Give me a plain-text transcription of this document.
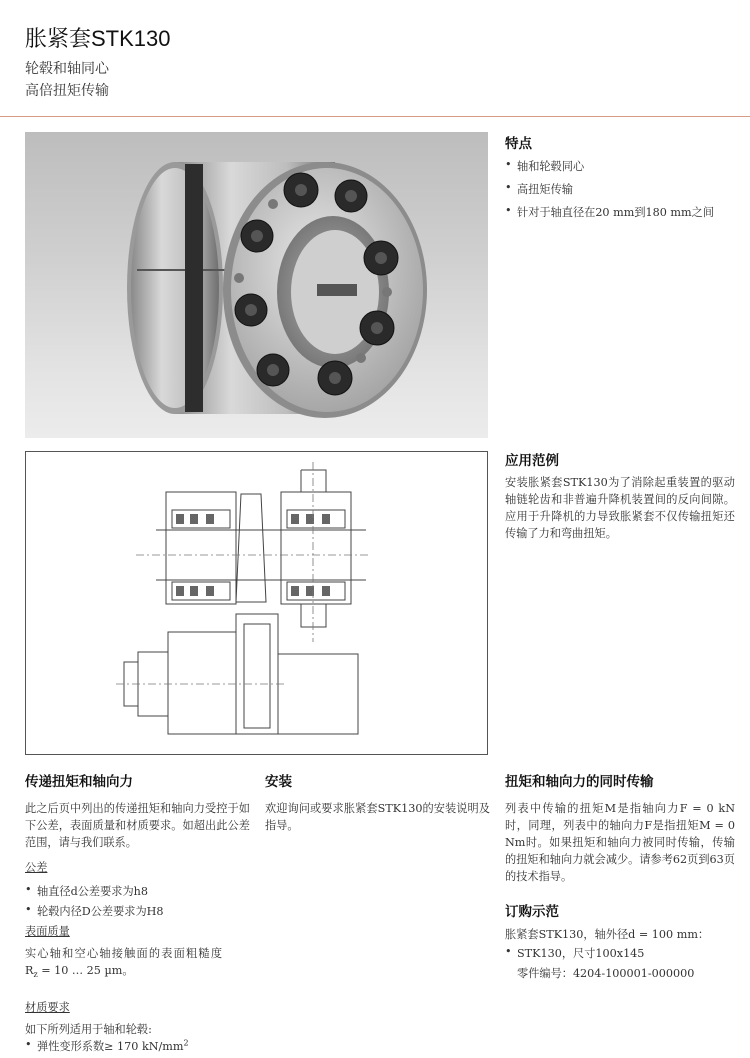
胀紧套STK130
轮毂和轴同心
高倍扭矩传输
特点
• 轴和轮毂同心
• 高扭矩传输
• 针对于轴直径在20 mm到180 mm之间
应用范例
安装胀紧套STK130为了消除起重装置的驱动轴链轮齿和非普遍升降机装置间的反向间隙。应用于升降机的力导致胀紧套不仅传输扭矩还传输了力和弯曲扭矩。
传递扭矩和轴向力
此之后页中列出的传递扭矩和轴向力受控于如下公差，表面质量和材质要求。如超出此公差范围，请与我们联系。
公差
• 轴直径d公差要求为h8
• 轮毂内径D公差要求为H8
表面质量
实心轴和空心轴接触面的表面粗糙度
$R_z = 10$ … 25 µm。
材质要求
如下所列适用于轴和轮毂:
• 弹性变形系数≥ 170 $kN/mm^2$
安装
欢迎询问或要求胀紧套STK130的安装说明及指导。
扭矩和轴向力的同时传输
列表中传输的扭矩M是指轴向力F = 0 kN时，同理，列表中的轴向力F是指扭矩M = 0 Nm时。如果扭矩和轴向力被同时传输，传输的扭矩和轴向力就会减少。请参考62页到63页的技术指导。
订购示范
胀紧套STK130，轴外径d = 100 mm：
• STK130，尺寸100x145
零件编号：4204-100001-000000
